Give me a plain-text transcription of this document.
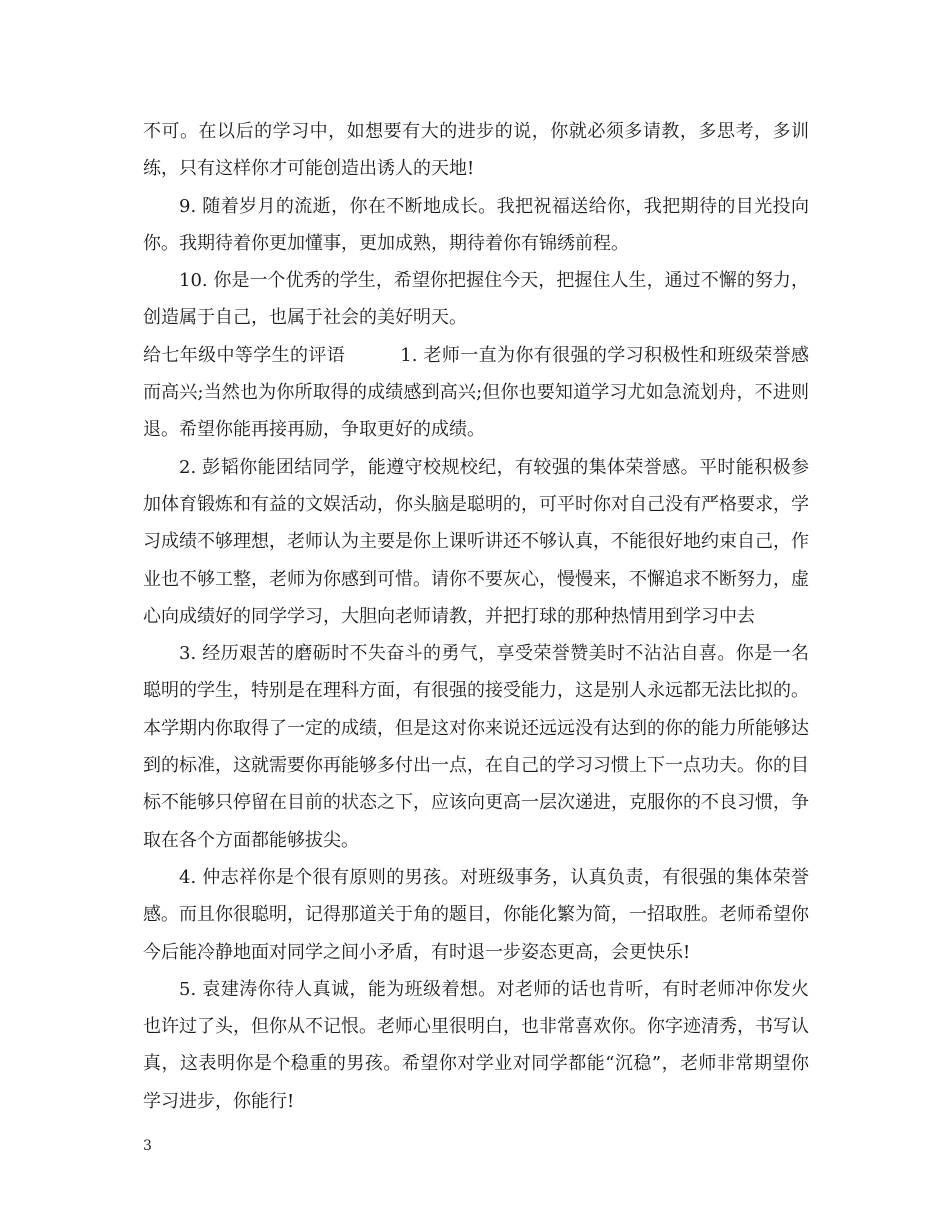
不可。在以后的学习中，如想要有大的进步的说，你就必须多请教，多思考，多训练，只有这样你才可能创造出诱人的天地!

9. 随着岁月的流逝，你在不断地成长。我把祝福送给你，我把期待的目光投向你。我期待着你更加懂事，更加成熟，期待着你有锦绣前程。

10. 你是一个优秀的学生，希望你把握住今天，把握住人生，通过不懈的努力，创造属于自己，也属于社会的美好明天。

给七年级中等学生的评语　　　1. 老师一直为你有很强的学习积极性和班级荣誉感而高兴;当然也为你所取得的成绩感到高兴;但你也要知道学习尤如急流划舟，不进则退。希望你能再接再励，争取更好的成绩。

2. 彭韬你能团结同学，能遵守校规校纪，有较强的集体荣誉感。平时能积极参加体育锻炼和有益的文娱活动，你头脑是聪明的，可平时你对自己没有严格要求，学习成绩不够理想，老师认为主要是你上课听讲还不够认真，不能很好地约束自己，作业也不够工整，老师为你感到可惜。请你不要灰心，慢慢来，不懈追求不断努力，虚心向成绩好的同学学习，大胆向老师请教，并把打球的那种热情用到学习中去

3. 经历艰苦的磨砺时不失奋斗的勇气，享受荣誉赞美时不沾沾自喜。你是一名聪明的学生，特别是在理科方面，有很强的接受能力，这是别人永远都无法比拟的。本学期内你取得了一定的成绩，但是这对你来说还远远没有达到的你的能力所能够达到的标准，这就需要你再能够多付出一点，在自己的学习习惯上下一点功夫。你的目标不能够只停留在目前的状态之下，应该向更高一层次递进，克服你的不良习惯，争取在各个方面都能够拔尖。

4. 仲志祥你是个很有原则的男孩。对班级事务，认真负责，有很强的集体荣誉感。而且你很聪明，记得那道关于角的题目，你能化繁为简，一招取胜。老师希望你今后能冷静地面对同学之间小矛盾，有时退一步姿态更高，会更快乐!

5. 袁建涛你待人真诚，能为班级着想。对老师的话也肯听，有时老师冲你发火也许过了头，但你从不记恨。老师心里很明白，也非常喜欢你。你字迹清秀，书写认真，这表明你是个稳重的男孩。希望你对学业对同学都能“沉稳”，老师非常期望你学习进步，你能行!

3
